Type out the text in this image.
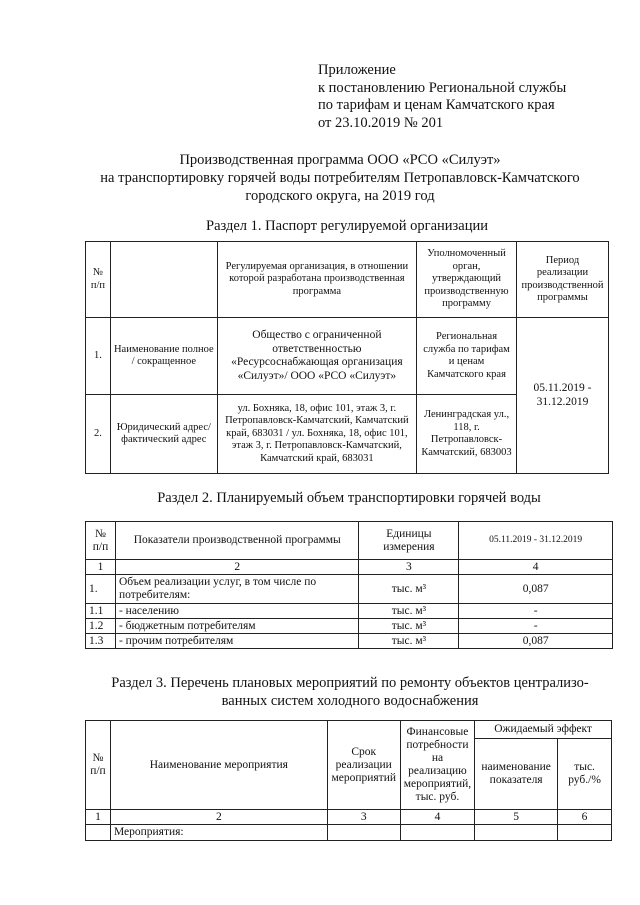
Приложение
к постановлению Региональной службы
по тарифам и ценам Камчатского края
от 23.10.2019 № 201
Производственная программа ООО «РСО «Силуэт»
на транспортировку горячей воды потребителям Петропавловск-Камчатского
городского округа, на 2019 год
Раздел 1. Паспорт регулируемой организации
№ п/п		Регулируемая организация, в отношении которой разработана производственная программа	Уполномоченный орган, утверждающий производственную программу	Период реализации производственной программы
1.	Наименование полное / сокращенное	Общество с ограниченной ответственностью «Ресурсоснабжающая организация «Силуэт»/ ООО «РСО «Силуэт»	Региональная служба по тарифам и ценам Камчатского края	05.11.2019 - 31.12.2019
2.	Юридический адрес/фактический адрес	ул. Бохняка, 18, офис 101, этаж 3, г. Петропавловск-Камчатский, Камчатский край, 683031 / ул. Бохняка, 18, офис 101, этаж 3, г. Петропавловск-Камчатский, Камчатский край, 683031	Ленинградская ул., 118, г. Петропавловск-Камчатский, 683003	
Раздел 2. Планируемый объем транспортировки горячей воды
№ п/п	Показатели производственной программы	Единицы измерения	05.11.2019 - 31.12.2019
1	2	3	4
1.	Объем реализации услуг, в том числе по потребителям:	тыс. м³	0,087
1.1	- населению	тыс. м³	-
1.2	- бюджетным потребителям	тыс. м³	-
1.3	- прочим потребителям	тыс. м³	0,087
Раздел 3. Перечень плановых мероприятий по ремонту объектов централизо-
ванных систем холодного водоснабжения
№ п/п	Наименование мероприятия	Срок реализации мероприятий	Финансовые потребности на реализацию мероприятий, тыс. руб.	Ожидаемый эффект	
				наименование показателя	тыс. руб./%
1	2	3	4	5	6
	Мероприятия:				
